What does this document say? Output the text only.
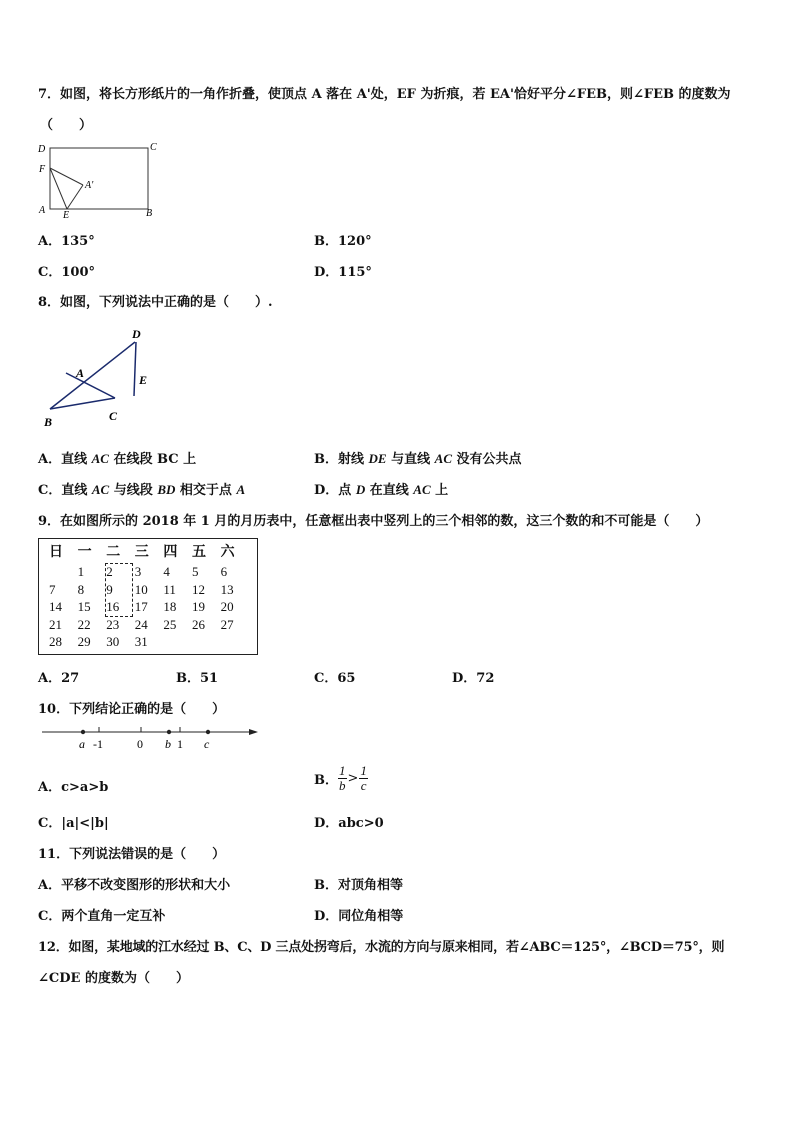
7．如图，将长方形纸片的一角作折叠，使顶点 A 落在 A'处，EF 为折痕，若 EA'恰好平分∠FEB，则∠FEB 的度数为
（　　）
D	C
F
A'
A E	B
A．135°	B．120°
C．100°	D．115°
8．如图，下列说法中正确的是（　　）.
D
A	E
B	C
A．直线 AC 在线段 BC 上	B．射线 DE 与直线 AC 没有公共点
C．直线 AC 与线段 BD 相交于点 A	D．点 D 在直线 AC 上
9．在如图所示的 2018 年 1 月的月历表中，任意框出表中竖列上的三个相邻的数，这三个数的和不可能是（　　）
日	一	二	三	四	五	六
	1	2	3	4	5	6
7	8	9	10	11	12	13
14	15	16	17	18	19	20
21	22	23	24	25	26	27
28	29	30	31			
A．27	B．51	C．65	D．72
10．下列结论正确的是（　　）
a -1	0 b 1 c
A．c>a>b	B． $\frac{1}{b} > \frac{1}{c}$
C．|a|<|b|	D．abc>0
11．下列说法错误的是（　　）
A．平移不改变图形的形状和大小	B．对顶角相等
C．两个直角一定互补	D．同位角相等
12．如图，某地域的江水经过 B、C、D 三点处拐弯后，水流的方向与原来相同，若∠ABC＝125°，∠BCD＝75°，则
∠CDE 的度数为（　　）
